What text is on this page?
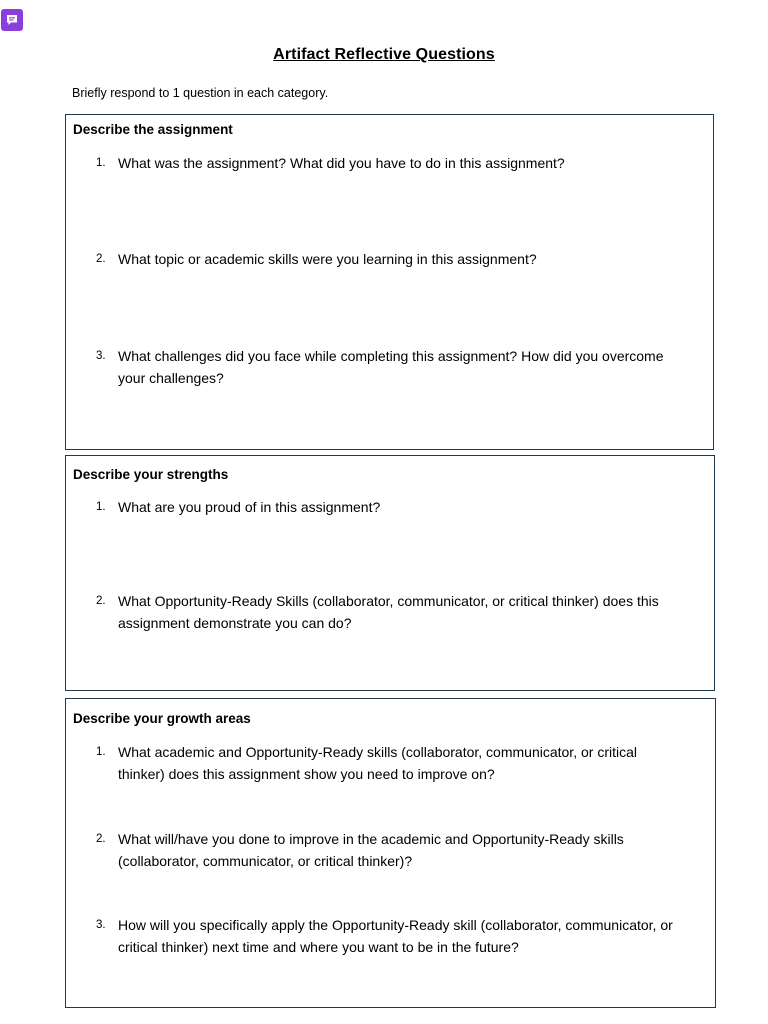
Artifact Reflective Questions
Briefly respond to 1 question in each category.
Describe the assignment
1. What was the assignment? What did you have to do in this assignment?
2. What topic or academic skills were you learning in this assignment?
3. What challenges did you face while completing this assignment? How did you overcome your challenges?
Describe your strengths
1. What are you proud of in this assignment?
2. What Opportunity-Ready Skills (collaborator, communicator, or critical thinker) does this assignment demonstrate you can do?
Describe your growth areas
1. What academic and Opportunity-Ready skills (collaborator, communicator, or critical thinker) does this assignment show you need to improve on?
2. What will/have you done to improve in the academic and Opportunity-Ready skills (collaborator, communicator, or critical thinker)?
3. How will you specifically apply the Opportunity-Ready skill (collaborator, communicator, or critical thinker) next time and where you want to be in the future?
